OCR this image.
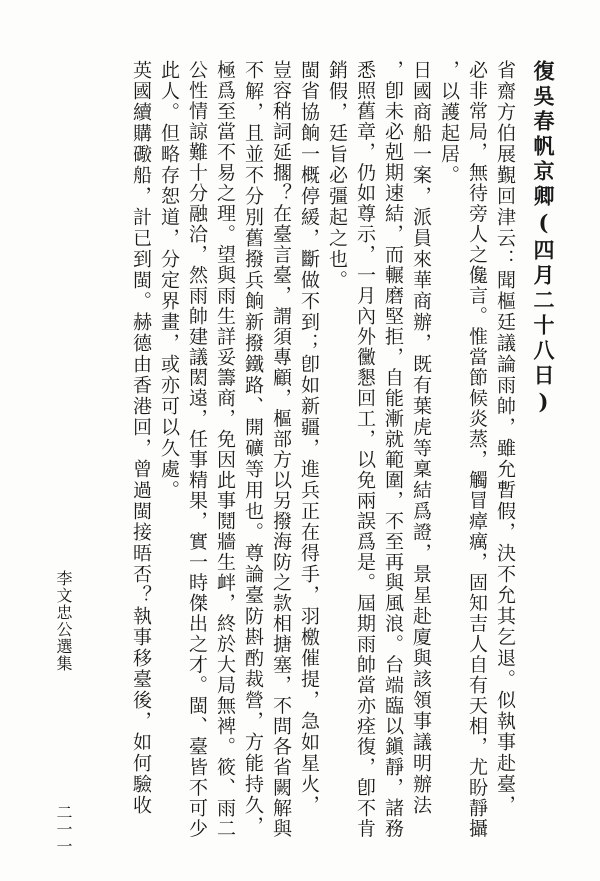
復吳春帆京卿(四月二十八日)
省齋方伯展覲回津云：聞樞廷議論雨帥，雖允暫假，決不允其乞退。似執事赴臺，
必非常局，無待旁人之儳言。惟當節候炎蒸，觸冒瘴癘，固知吉人自有天相，尤盼靜攝
，以護起居。
日國商船一案，派員來華商辦，既有葉虎等稟結爲證，景星赴廈與該領事議明辦法
，卽未必剋期速結，而輾磨堅拒，自能漸就範圍，不至再與風浪。台端臨以鎭靜，諸務
悉照舊章，仍如尊示，一月內外黴懇回工，以免兩誤爲是。屆期雨帥當亦痊復，卽不肯
銷假，廷旨必彊起之也。
閩省協餉一概停緩，斷做不到；卽如新疆，進兵正在得手，羽檄催提，急如星火，
豈容稍詞延擱？在臺言臺，謂須專顧，樞部方以另撥海防之款相搪塞，不問各省闕解與
不解，且並不分別舊撥兵餉新撥鐵路、開礦等用也。尊論臺防斟酌裁營，方能持久，
極爲至當不易之理。望與雨生詳妥籌商，免因此事鬩牆生衅，終於大局無裨。筱、雨二
公性情諒難十分融洽，然雨帥建議閎遠，任事精果，實一時傑出之才。閩、臺皆不可少
此人。但略存恕道，分定界畫，或亦可以久處。
英國續購礮船，計已到閩。赫德由香港回，曾過閩接晤否？執事移臺後，如何驗收
李文忠公選集
二一一
